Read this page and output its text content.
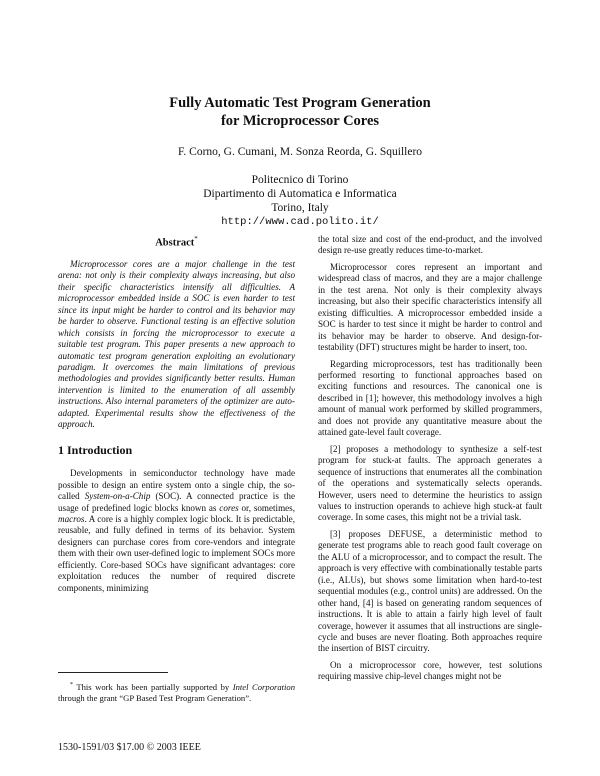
Fully Automatic Test Program Generation
for Microprocessor Cores
F. Corno, G. Cumani, M. Sonza Reorda, G. Squillero
Politecnico di Torino
Dipartimento di Automatica e Informatica
Torino, Italy
http://www.cad.polito.it/
Abstract*

Microprocessor cores are a major challenge in the test arena: not only is their complexity always increasing, but also their specific characteristics intensify all difficulties. A microprocessor embedded inside a SOC is even harder to test since its input might be harder to control and its behavior may be harder to observe. Functional testing is an effective solution which consists in forcing the microprocessor to execute a suitable test program. This paper presents a new approach to automatic test program generation exploiting an evolutionary paradigm. It overcomes the main limitations of previous methodologies and provides significantly better results. Human intervention is limited to the enumeration of all assembly instructions. Also internal parameters of the optimizer are auto-adapted. Experimental results show the effectiveness of the approach.

1 Introduction

Developments in semiconductor technology have made possible to design an entire system onto a single chip, the so-called System-on-a-Chip (SOC). A connected practice is the usage of predefined logic blocks known as cores or, sometimes, macros. A core is a highly complex logic block. It is predictable, reusable, and fully defined in terms of its behavior. System designers can purchase cores from core-vendors and integrate them with their own user-defined logic to implement SOCs more efficiently. Core-based SOCs have significant advantages: core exploitation reduces the number of required discrete components, minimizing

the total size and cost of the end-product, and the involved design re-use greatly reduces time-to-market.

Microprocessor cores represent an important and widespread class of macros, and they are a major challenge in the test arena. Not only is their complexity always increasing, but also their specific characteristics intensify all existing difficulties. A microprocessor embedded inside a SOC is harder to test since it might be harder to control and its behavior may be harder to observe. And design-for-testability (DFT) structures might be harder to insert, too.

Regarding microprocessors, test has traditionally been performed resorting to functional approaches based on exciting functions and resources. The canonical one is described in [1]; however, this methodology involves a high amount of manual work performed by skilled programmers, and does not provide any quantitative measure about the attained gate-level fault coverage.

[2] proposes a methodology to synthesize a self-test program for stuck-at faults. The approach generates a sequence of instructions that enumerates all the combination of the operations and systematically selects operands. However, users need to determine the heuristics to assign values to instruction operands to achieve high stuck-at fault coverage. In some cases, this might not be a trivial task.

[3] proposes DEFUSE, a deterministic method to generate test programs able to reach good fault coverage on the ALU of a microprocessor, and to compact the result. The approach is very effective with combinationally testable parts (i.e., ALUs), but shows some limitation when hard-to-test sequential modules (e.g., control units) are addressed. On the other hand, [4] is based on generating random sequences of instructions. It is able to attain a fairly high level of fault coverage, however it assumes that all instructions are single-cycle and buses are never floating. Both approaches require the insertion of BIST circuitry.

On a microprocessor core, however, test solutions requiring massive chip-level changes might not be

* This work has been partially supported by Intel Corporation through the grant “GP Based Test Program Generation”.
1530-1591/03 $17.00 © 2003 IEEE
